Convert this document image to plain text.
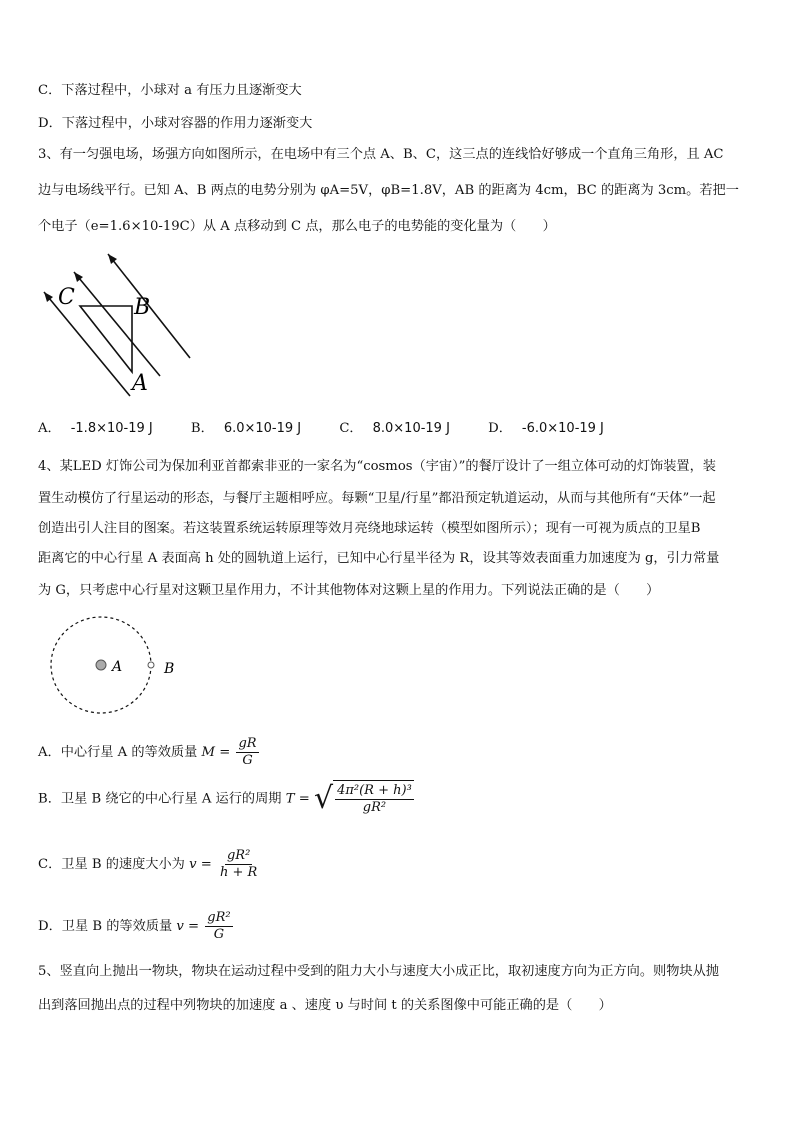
C．下落过程中，小球对 a 有压力且逐渐变大
D．下落过程中，小球对容器的作用力逐渐变大
3、有一匀强电场，场强方向如图所示，在电场中有三个点 A、B、C，这三点的连线恰好够成一个直角三角形，且 AC
边与电场线平行。已知 A、B 两点的电势分别为 φA=5V，φB=1.8V，AB 的距离为 4cm，BC 的距离为 3cm。若把一
个电子（e=1.6×10-19C）从 A 点移动到 C 点，那么电子的电势能的变化量为（　　）
C	B
A
A． -1.8×10-19 J	B． 6.0×10-19 J	C． 8.0×10-19 J	D． -6.0×10-19 J
4、某LED 灯饰公司为保加利亚首都索非亚的一家名为“cosmos（宇宙）”的餐厅设计了一组立体可动的灯饰装置，装
置生动模仿了行星运动的形态，与餐厅主题相呼应。每颗“卫星/行星”都沿预定轨道运动，从而与其他所有“天体”一起
创造出引人注目的图案。若这装置系统运转原理等效月亮绕地球运转（模型如图所示）；现有一可视为质点的卫星B
距离它的中心行星 A 表面高 h 处的圆轨道上运行，已知中心行星半径为 R，设其等效表面重力加速度为 g，引力常量
为 G，只考虑中心行星对这颗卫星作用力，不计其他物体对这颗上星的作用力。下列说法正确的是（　　）
A	B
A．中心行星 A 的等效质量 $M = \frac{gR}{G}$
B．卫星 B 绕它的中心行星 A 运行的周期 T = √ $\frac{\text{4π²(R + h)³}}{\text{gR²}}$
C．卫星 B 的速度大小为 $v = \frac{\text{gR²}}{h + R}$
D．卫星 B 的等效质量 $v = \frac{\text{gR²}}{G}$
5、竖直向上抛出一物块，物块在运动过程中受到的阻力大小与速度大小成正比，取初速度方向为正方向。则物块从抛
出到落回抛出点的过程中列物块的加速度 a 、速度 υ 与时间 t 的关系图像中可能正确的是（　　）
